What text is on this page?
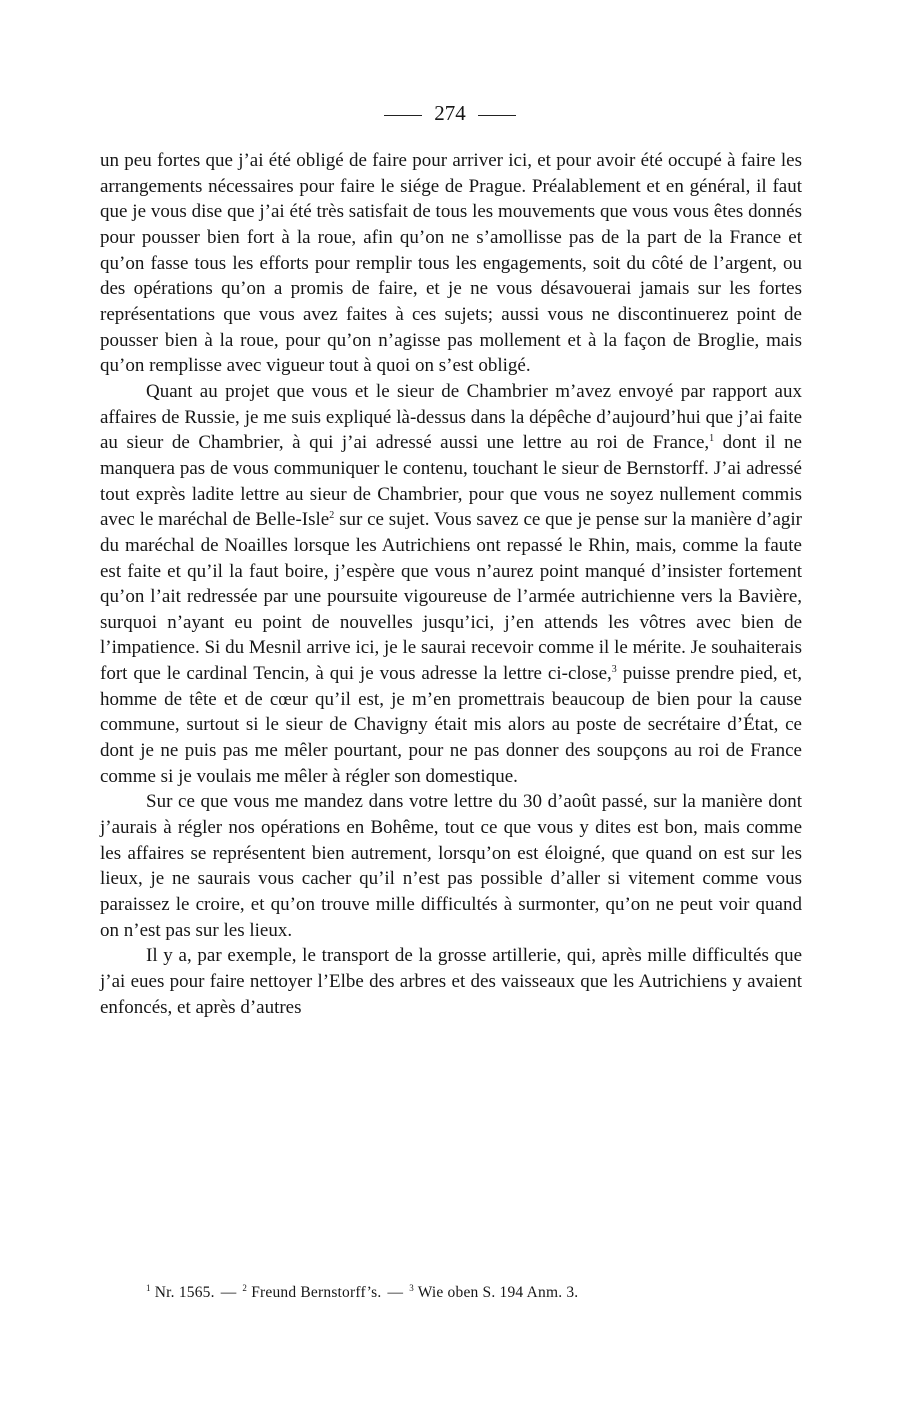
274

un peu fortes que j’ai été obligé de faire pour arriver ici, et pour avoir été occupé à faire les arrangements nécessaires pour faire le siége de Prague. Préalablement et en général, il faut que je vous dise que j’ai été très satisfait de tous les mouvements que vous vous êtes donnés pour pousser bien fort à la roue, afin qu’on ne s’amollisse pas de la part de la France et qu’on fasse tous les efforts pour remplir tous les engagements, soit du côté de l’argent, ou des opérations qu’on a promis de faire, et je ne vous désavouerai jamais sur les fortes représentations que vous avez faites à ces sujets; aussi vous ne discontinuerez point de pousser bien à la roue, pour qu’on n’agisse pas mollement et à la façon de Broglie, mais qu’on remplisse avec vigueur tout à quoi on s’est obligé.

Quant au projet que vous et le sieur de Chambrier m’avez envoyé par rapport aux affaires de Russie, je me suis expliqué là-dessus dans la dépêche d’aujourd’hui que j’ai faite au sieur de Chambrier, à qui j’ai adressé aussi une lettre au roi de France,$^1$ dont il ne manquera pas de vous communiquer le contenu, touchant le sieur de Bernstorff. J’ai adressé tout exprès ladite lettre au sieur de Chambrier, pour que vous ne soyez nullement commis avec le maréchal de Belle-Isle$^2$ sur ce sujet. Vous savez ce que je pense sur la manière d’agir du maréchal de Noailles lorsque les Autrichiens ont repassé le Rhin, mais, comme la faute est faite et qu’il la faut boire, j’espère que vous n’aurez point manqué d’insister fortement qu’on l’ait redressée par une poursuite vigoureuse de l’armée autrichienne vers la Bavière, surquoi n’ayant eu point de nouvelles jusqu’ici, j’en attends les vôtres avec bien de l’impatience. Si du Mesnil arrive ici, je le saurai recevoir comme il le mérite. Je souhaiterais fort que le cardinal Tencin, à qui je vous adresse la lettre ci-close,$^3$ puisse prendre pied, et, homme de tête et de cœur qu’il est, je m’en promettrais beaucoup de bien pour la cause commune, surtout si le sieur de Chavigny était mis alors au poste de secrétaire d’État, ce dont je ne puis pas me mêler pourtant, pour ne pas donner des soupçons au roi de France comme si je voulais me mêler à régler son domestique.

Sur ce que vous me mandez dans votre lettre du 30 d’août passé, sur la manière dont j’aurais à régler nos opérations en Bohême, tout ce que vous y dites est bon, mais comme les affaires se représentent bien autrement, lorsqu’on est éloigné, que quand on est sur les lieux, je ne saurais vous cacher qu’il n’est pas possible d’aller si vitement comme vous paraissez le croire, et qu’on trouve mille difficultés à surmonter, qu’on ne peut voir quand on n’est pas sur les lieux.

Il y a, par exemple, le transport de la grosse artillerie, qui, après mille difficultés que j’ai eues pour faire nettoyer l’Elbe des arbres et des vaisseaux que les Autrichiens y avaient enfoncés, et après d’autres

$^1$ Nr. 1565. — $^2$ Freund Bernstorff’s. — $^3$ Wie oben S. 194 Anm. 3.
